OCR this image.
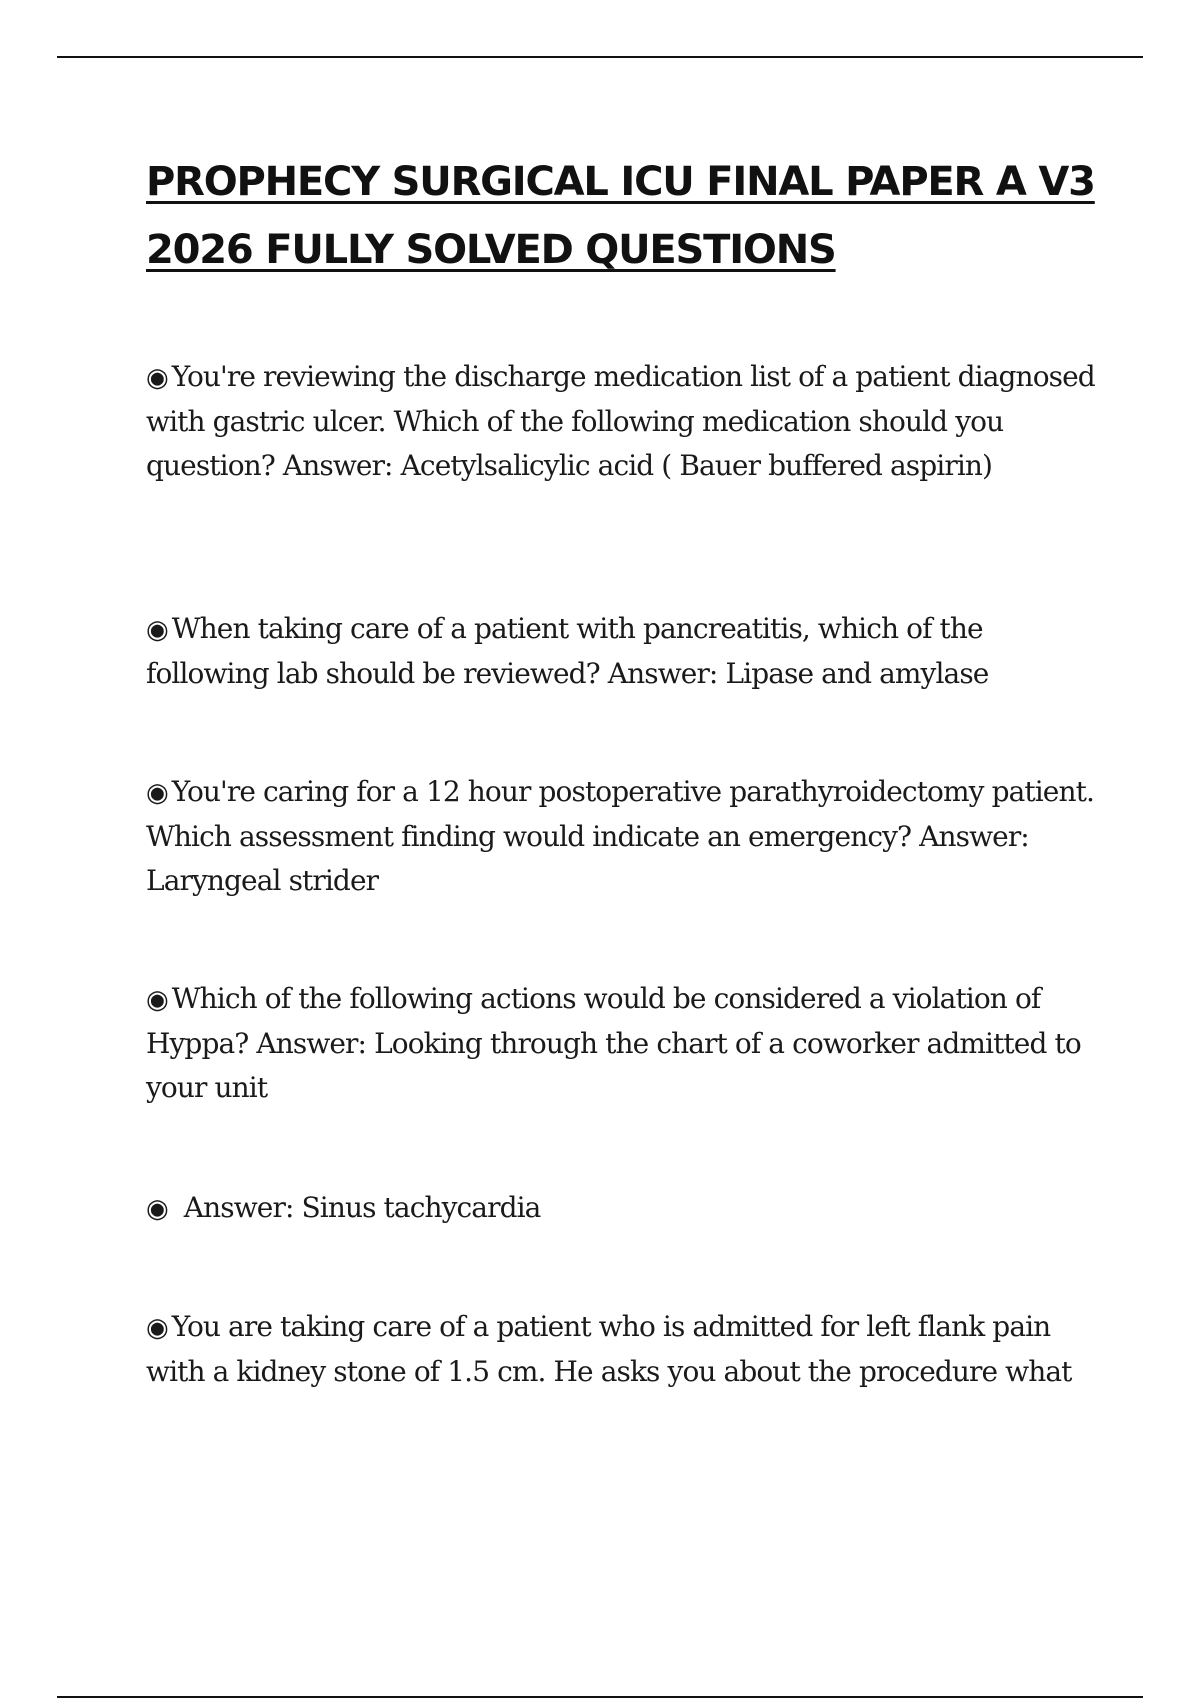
PROPHECY SURGICAL ICU FINAL PAPER A V3 2026 FULLY SOLVED QUESTIONS

◉ You're reviewing the discharge medication list of a patient diagnosed with gastric ulcer. Which of the following medication should you question? Answer: Acetylsalicylic acid ( Bauer buffered aspirin)

◉ When taking care of a patient with pancreatitis, which of the following lab should be reviewed? Answer: Lipase and amylase

◉ You're caring for a 12 hour postoperative parathyroidectomy patient. Which assessment finding would indicate an emergency? Answer: Laryngeal strider

◉ Which of the following actions would be considered a violation of Hyppa? Answer: Looking through the chart of a coworker admitted to your unit

◉ Answer: Sinus tachycardia

◉ You are taking care of a patient who is admitted for left flank pain with a kidney stone of 1.5 cm. He asks you about the procedure what
